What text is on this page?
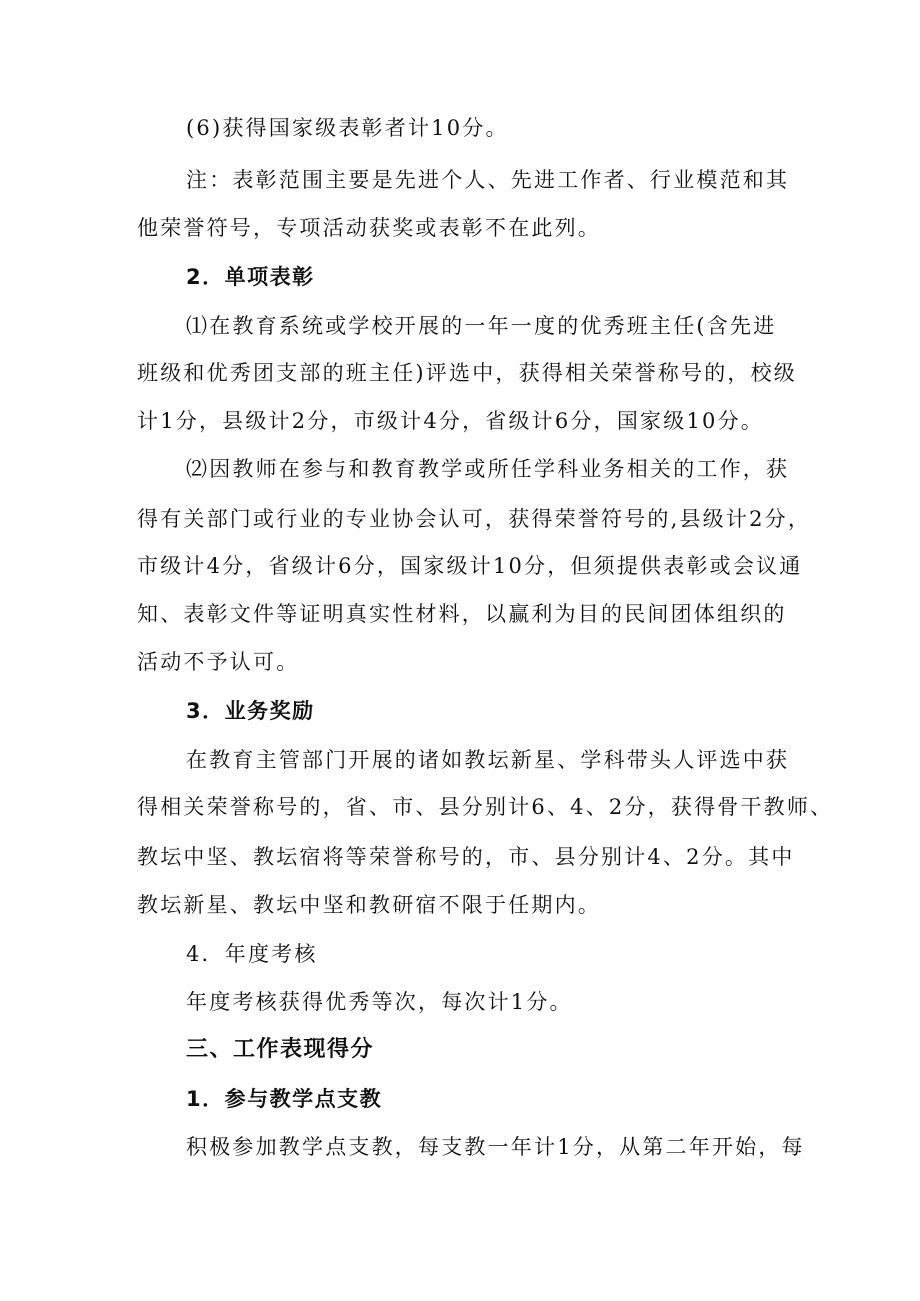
(6)获得国家级表彰者计10分。
注：表彰范围主要是先进个人、先进工作者、行业模范和其
他荣誉符号，专项活动获奖或表彰不在此列。
2．单项表彰
⑴在教育系统或学校开展的一年一度的优秀班主任(含先进
班级和优秀团支部的班主任)评选中，获得相关荣誉称号的，校级
计1分，县级计2分，市级计4分，省级计6分，国家级10分。
⑵因教师在参与和教育教学或所任学科业务相关的工作，获
得有关部门或行业的专业协会认可，获得荣誉符号的,县级计2分，
市级计4分，省级计6分，国家级计10分，但须提供表彰或会议通
知、表彰文件等证明真实性材料，以赢利为目的民间团体组织的
活动不予认可。
3．业务奖励
在教育主管部门开展的诸如教坛新星、学科带头人评选中获
得相关荣誉称号的，省、市、县分别计6、4、2分，获得骨干教师、
教坛中坚、教坛宿将等荣誉称号的，市、县分别计4、2分。其中
教坛新星、教坛中坚和教研宿不限于任期内。
4．年度考核
年度考核获得优秀等次，每次计1分。
三、工作表现得分
1．参与教学点支教
积极参加教学点支教，每支教一年计1分，从第二年开始，每
